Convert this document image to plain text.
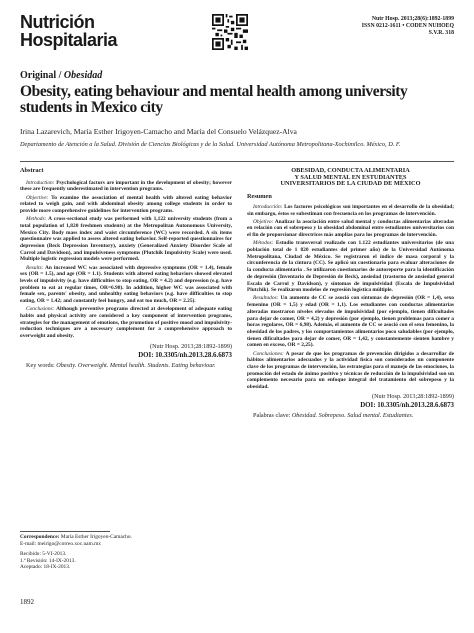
Nutrición
Hospitalaria
Nutr Hosp. 2013;28(6):1892-1899
ISSN 0212-1611 • CODEN NUHOEQ
S.V.R. 318
Original / Obesidad
Obesity, eating behaviour and mental health among university students in Mexico city
Irina Lazarevich, María Esther Irigoyen-Camacho and María del Consuelo Velázquez-Alva
Departamento de Atención a la Salud. División de Ciencias Biológicas y de la Salud. Universidad Autónoma Metropolitana-Xochimilco. México, D. F.
Abstract

Introduction: Psychological factors are important in the development of obesity; however these are frequently underestimated in intervention programs.

Objective: To examine the association of mental health with altered eating behavior related to weigh gain, and with abdominal obesity among college students in order to provide more comprehensive guidelines for intervention programs.

Methods: A cross-sectional study was performed with 1,122 university students (from a total population of 1,820 freshmen students) at the Metropolitan Autonomous University, Mexico City. Body mass index and waist circumference (WC) were recorded. A six items questionnaire was applied to assess altered eating behavior. Self-reported questionnaires for depression (Beck Depression Inventory), anxiety (Generalized Anxiety Disorder Scale of Carrol and Davidson), and impulsiveness symptoms (Plutchik Impulsivity Scale) were used. Multiple logistic regression models were performed.

Results: An increased WC was associated with depressive symptoms (OR = 1.4), female sex (OR = 1.5), and age (OR = 1.1). Students with altered eating behaviors showed elevated levels of impulsivity (e.g. have difficulties to stop eating, OR = 4.2) and depression (e.g. have problem to eat at regular times, OR=6.98). In addition, higher WC was associated with female sex, parents' obesity, and unhealthy eating behaviors (e.g. have difficulties to stop eating, OR = 1.42; and constantly feel hungry, and eat too much, OR = 2.25).

Conclusions: Although preventive programs directed at development of adequate eating habits and physical activity are considered a key component of intervention programs, strategies for the management of emotions, the promotion of positive mood and impulsivity-reduction techniques are a necessary complement for a comprehensive approach to overweight and obesity.

(Nutr Hosp. 2013;28:1892-1899)
DOI: 10.3305/nh.2013.28.6.6873
Key words: Obesity. Overweight. Mental health. Students. Eating behaviour.
OBESIDAD, CONDUCTA ALIMENTARIA
Y SALUD MENTAL EN ESTUDIANTES
UNIVERSITARIOS DE LA CIUDAD DE MÉXICO
Resumen

Introducción: Los factores psicológicos son importantes en el desarrollo de la obesidad; sin embargo, éstos se subestiman con frecuencia en los programas de intervención.

Objetivo: Analizar la asociación entre salud mental y conductas alimentarias alteradas en relación con el sobrepeso y la obesidad abdominal entre estudiantes universitarios con el fin de proporcionar directrices más amplias para los programas de intervención.

Métodos: Estudio transversal realizado con 1.122 estudiantes universitarios (de una población total de 1 820 estudiantes del primer año) de la Universidad Autónoma Metropolitana, Ciudad de México. Se registraron el índice de masa corporal y la circunferencia de la cintura (CC). Se aplicó un cuestionario para evaluar alteraciones de la conducta alimentaria . Se utilizaron cuestionarios de autoreporte para la identificación de depresión (Inventario de Depresión de Beck), ansiedad (trastorno de ansiedad general Escala de Carrol y Davidson), y síntomas de impulsividad (Escala de Impulsividad Plutchik). Se realizaron modelos de regresión logística múltiple.

Resultados: Un aumento de CC se asoció con síntomas de depresión (OR = 1,4), sexo femenino (OR = 1,5) y edad (OR = 1,1). Los estudiantes con conductas alimentarias alteradas mostraron niveles elevados de impulsividad (por ejemplo, tienen dificultades para dejar de comer, OR = 4,2) y depresión (por ejemplo, tienen problemas para comer a horas regulares, OR = 6,98). Además, el aumento de CC se asoció con el sexo femenino, la obesidad de los padres, y los comportamientos alimentarios poco saludables (por ejemplo, tienen dificultades para dejar de comer, OR = 1,42, y constantemente sienten hambre y comen en exceso, OR = 2,25).

Conclusiones: A pesar de que los programas de prevención dirigidos a desarrollar de hábitos alimentarios adecuados y la actividad física son considerados un componente clave de los programas de intervención, las estrategias para el manejo de las emociones, la promoción del estado de ánimo positivo y técnicas de reducción de la impulsividad son un complemento necesario para un enfoque integral del tratamiento del sobrepeso y la obesidad.

(Nutr Hosp. 2013;28:1892-1899)
DOI: 10.3305/nh.2013.28.6.6873
Palabras clave: Obesidad. Sobrepeso. Salud mental. Estudiantes.
Correspondence: María Esther Irigoyen-Camacho.
E-mail: meirigo@correo.xoc.uam.mx
Recibido: 5-VI-2013.
1.ª Revisión: 14-IX-2013.
Aceptado: 18-IX-2013.
1892
